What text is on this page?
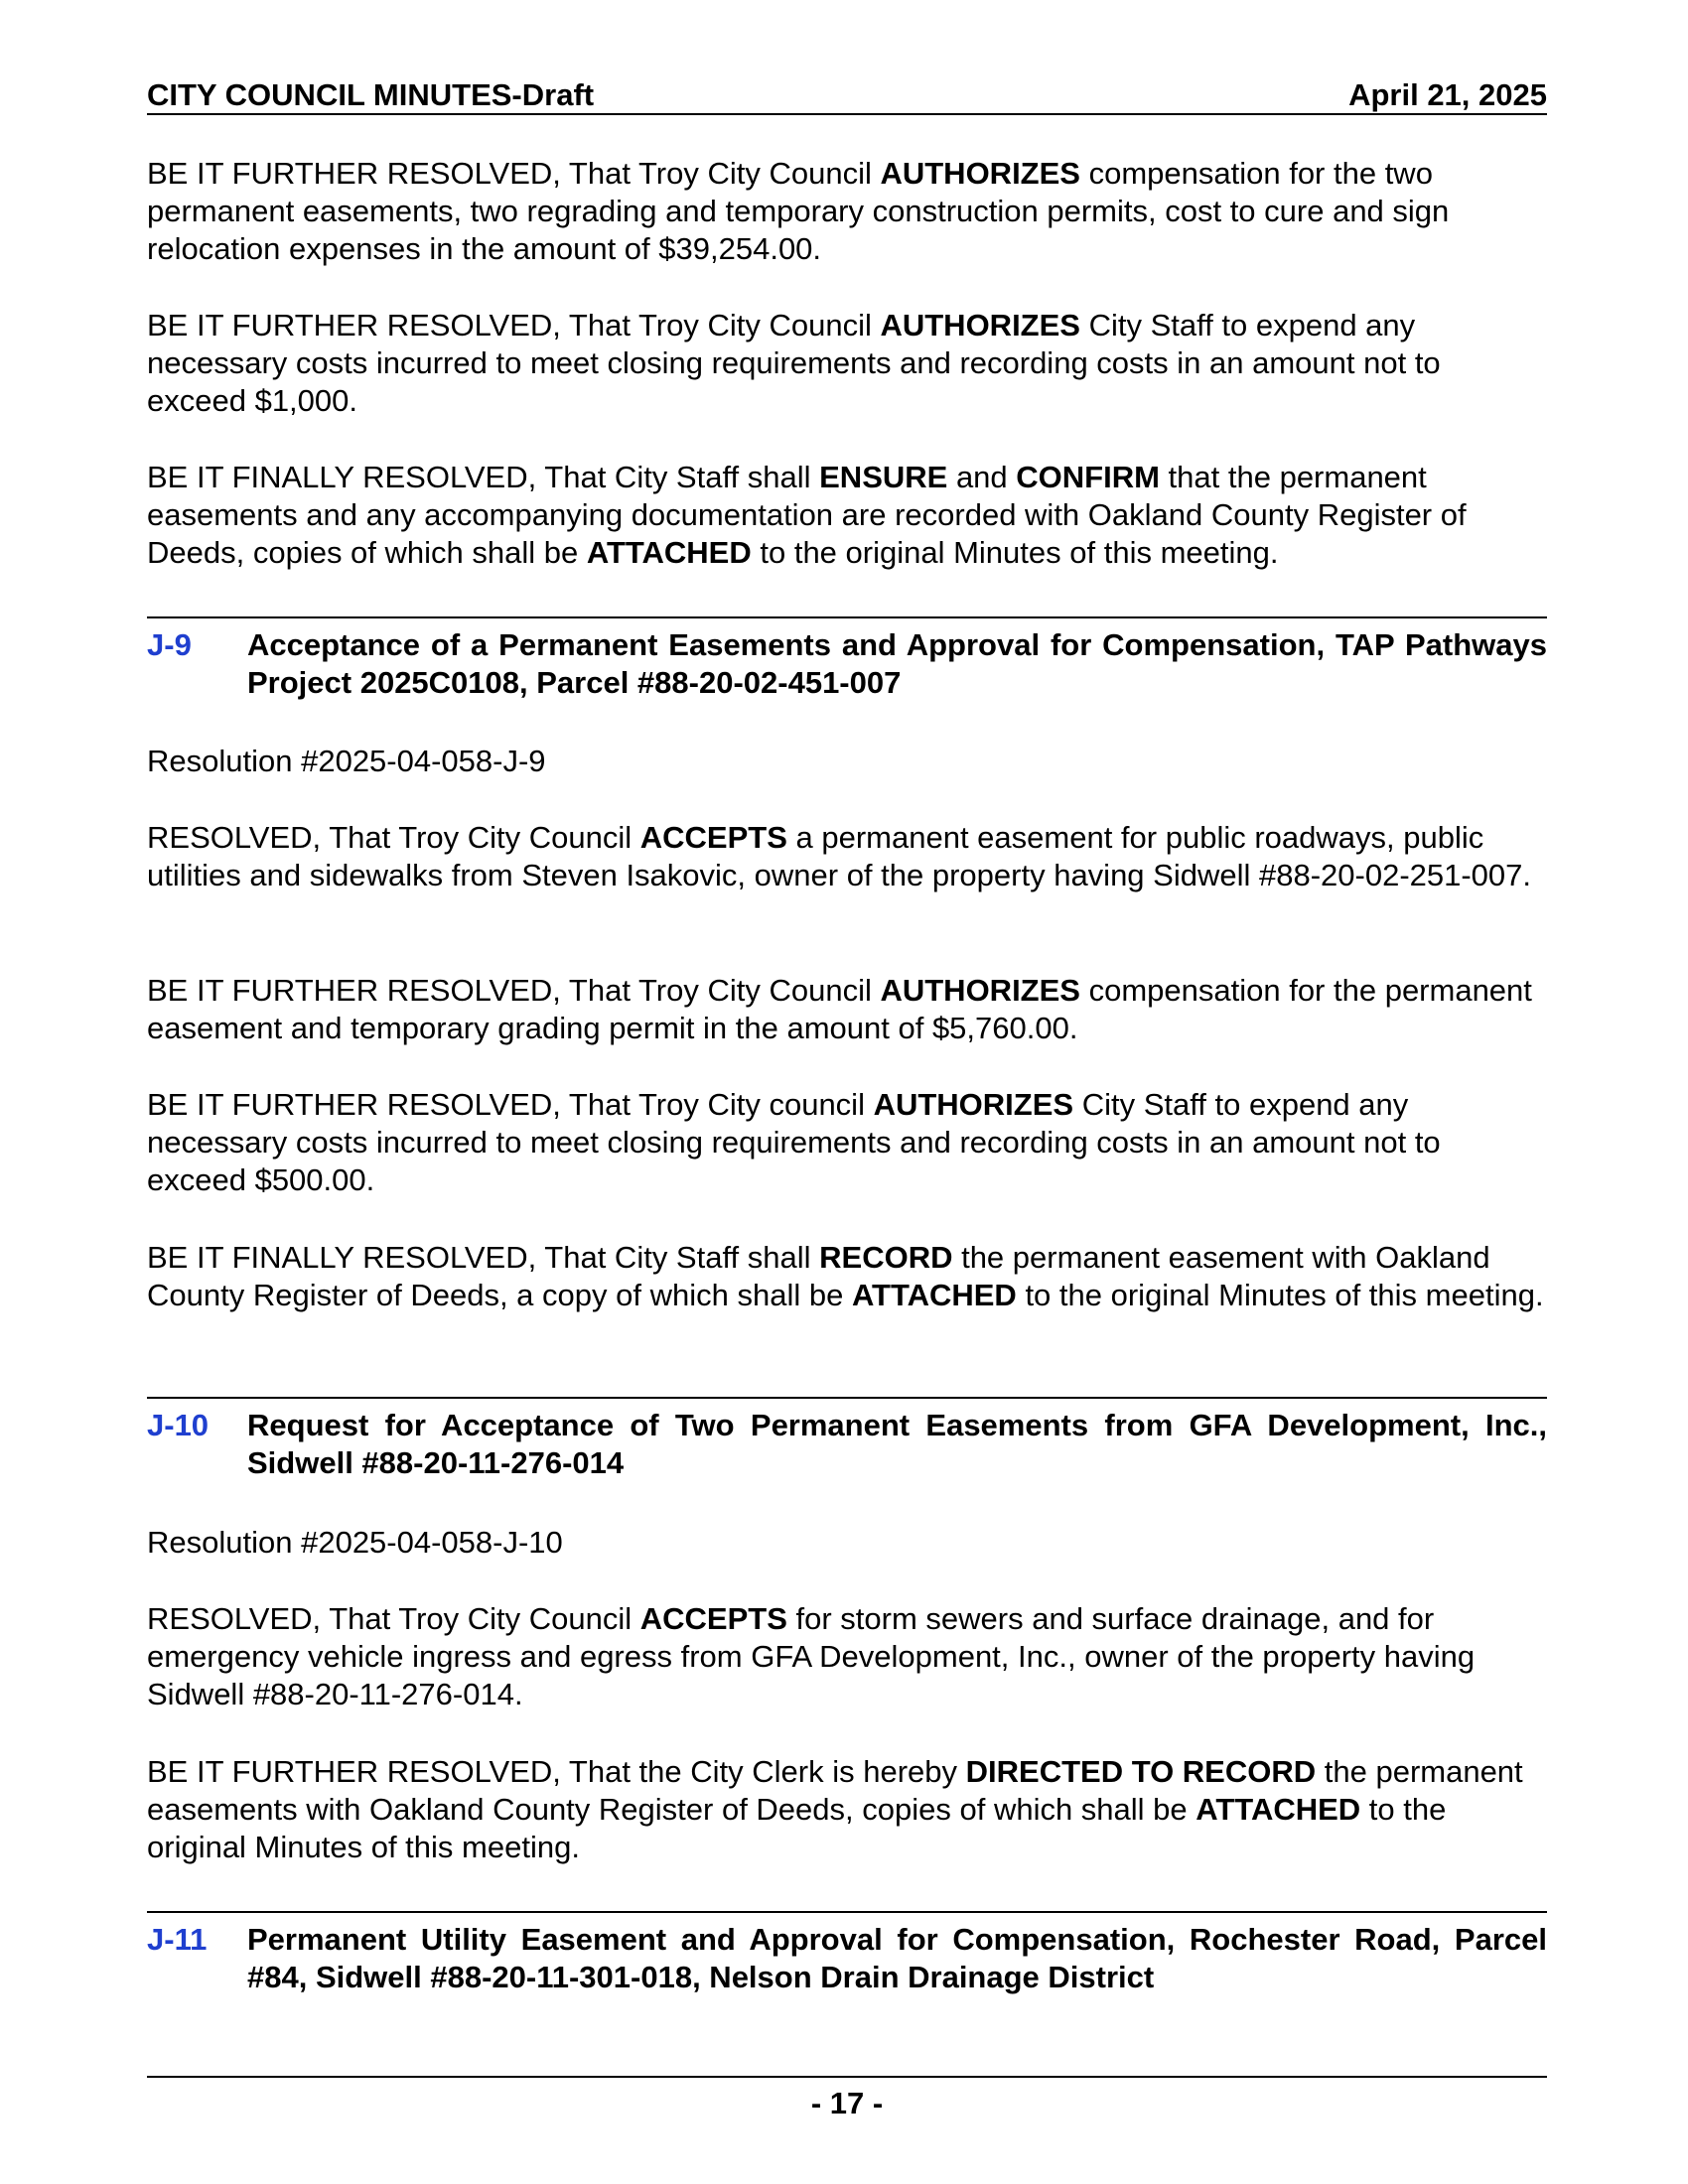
CITY COUNCIL MINUTES-Draft	April 21, 2025

BE IT FURTHER RESOLVED, That Troy City Council AUTHORIZES compensation for the two permanent easements, two regrading and temporary construction permits, cost to cure and sign relocation expenses in the amount of $39,254.00.

BE IT FURTHER RESOLVED, That Troy City Council AUTHORIZES City Staff to expend any necessary costs incurred to meet closing requirements and recording costs in an amount not to exceed $1,000.

BE IT FINALLY RESOLVED, That City Staff shall ENSURE and CONFIRM that the permanent easements and any accompanying documentation are recorded with Oakland County Register of Deeds, copies of which shall be ATTACHED to the original Minutes of this meeting.

J-9 Acceptance of a Permanent Easements and Approval for Compensation, TAP Pathways Project 2025C0108, Parcel #88-20-02-451-007

Resolution #2025-04-058-J-9

RESOLVED, That Troy City Council ACCEPTS a permanent easement for public roadways, public utilities and sidewalks from Steven Isakovic, owner of the property having Sidwell #88-20-02-251-007.

BE IT FURTHER RESOLVED, That Troy City Council AUTHORIZES compensation for the permanent easement and temporary grading permit in the amount of $5,760.00.

BE IT FURTHER RESOLVED, That Troy City council AUTHORIZES City Staff to expend any necessary costs incurred to meet closing requirements and recording costs in an amount not to exceed $500.00.

BE IT FINALLY RESOLVED, That City Staff shall RECORD the permanent easement with Oakland County Register of Deeds, a copy of which shall be ATTACHED to the original Minutes of this meeting.

J-10 Request for Acceptance of Two Permanent Easements from GFA Development, Inc., Sidwell #88-20-11-276-014

Resolution #2025-04-058-J-10

RESOLVED, That Troy City Council ACCEPTS for storm sewers and surface drainage, and for emergency vehicle ingress and egress from GFA Development, Inc., owner of the property having Sidwell #88-20-11-276-014.

BE IT FURTHER RESOLVED, That the City Clerk is hereby DIRECTED TO RECORD the permanent easements with Oakland County Register of Deeds, copies of which shall be ATTACHED to the original Minutes of this meeting.

J-11 Permanent Utility Easement and Approval for Compensation, Rochester Road, Parcel #84, Sidwell #88-20-11-301-018, Nelson Drain Drainage District
- 17 -
